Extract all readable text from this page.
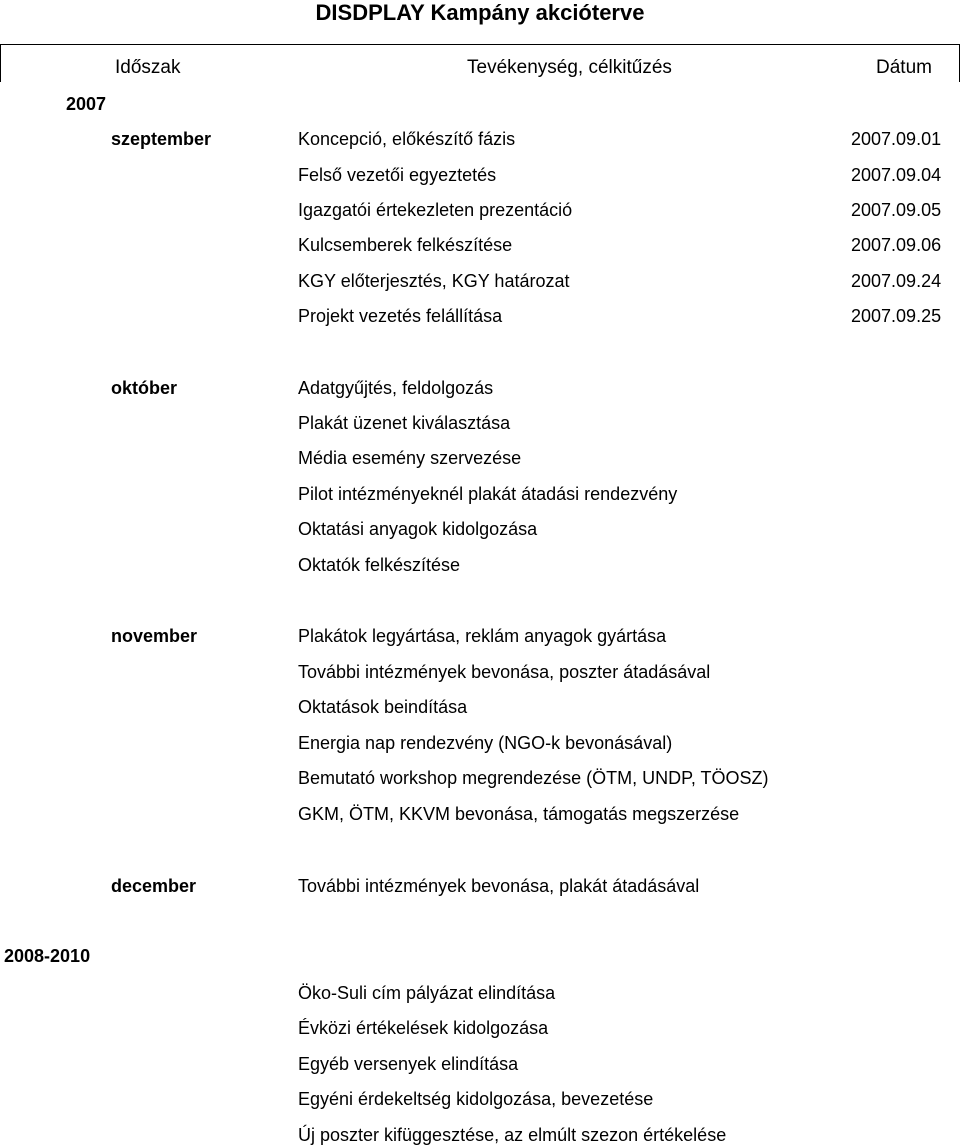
DISDPLAY Kampány akcióterve
Időszak	Tevékenység, célkitűzés	Dátum
2007
szeptember	Koncepció, előkészítő fázis	2007.09.01
Felső vezetői egyeztetés	2007.09.04
Igazgatói értekezleten prezentáció	2007.09.05
Kulcsemberek felkészítése	2007.09.06
KGY előterjesztés, KGY határozat	2007.09.24
Projekt vezetés felállítása	2007.09.25
október	Adatgyűjtés, feldolgozás
Plakát üzenet kiválasztása
Média esemény szervezése
Pilot intézményeknél plakát átadási rendezvény
Oktatási anyagok kidolgozása
Oktatók felkészítése
november	Plakátok legyártása, reklám anyagok gyártása
További intézmények bevonása, poszter átadásával
Oktatások beindítása
Energia nap rendezvény (NGO-k bevonásával)
Bemutató workshop megrendezése (ÖTM, UNDP, TÖOSZ)
GKM, ÖTM, KKVM bevonása, támogatás megszerzése
december	További intézmények bevonása, plakát átadásával
2008-2010
Öko-Suli cím pályázat elindítása
Évközi értékelések kidolgozása
Egyéb versenyek elindítása
Egyéni érdekeltség kidolgozása, bevezetése
Új poszter kifüggesztése, az elmúlt szezon értékelése
